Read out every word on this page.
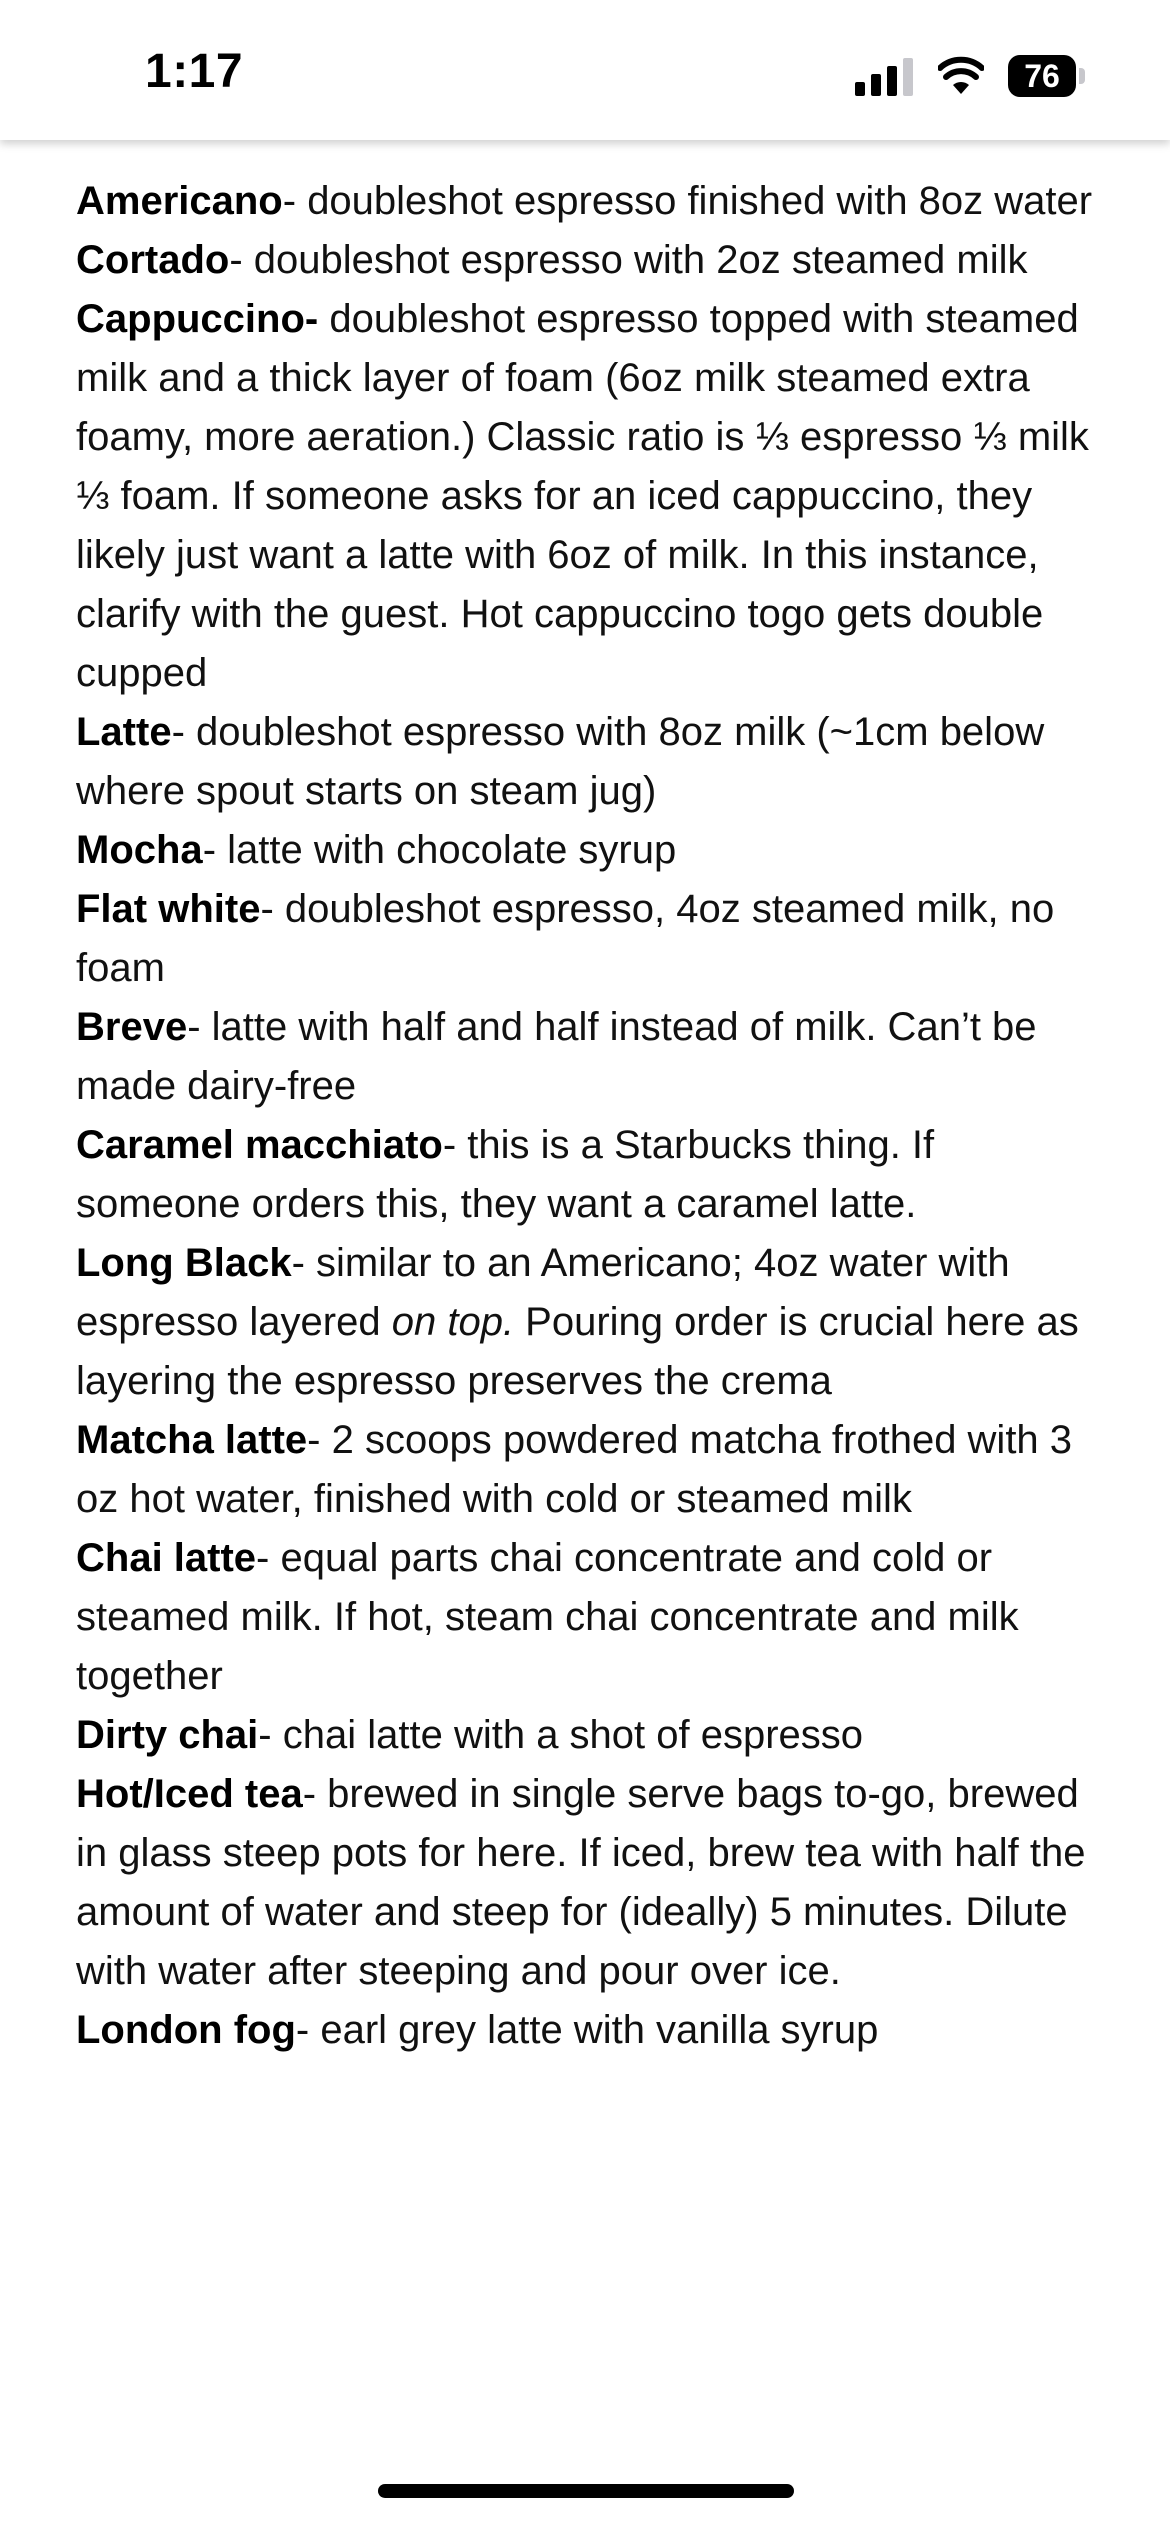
1:17	76

Americano- doubleshot espresso finished with 8oz water

Cortado- doubleshot espresso with 2oz steamed milk

Cappuccino- doubleshot espresso topped with steamed milk and a thick layer of foam (6oz milk steamed extra foamy, more aeration.) Classic ratio is ⅓ espresso ⅓ milk ⅓ foam. If someone asks for an iced cappuccino, they likely just want a latte with 6oz of milk. In this instance, clarify with the guest. Hot cappuccino togo gets double cupped

Latte- doubleshot espresso with 8oz milk (~1cm below where spout starts on steam jug)

Mocha- latte with chocolate syrup

Flat white- doubleshot espresso, 4oz steamed milk, no foam

Breve- latte with half and half instead of milk. Can’t be made dairy-free

Caramel macchiato- this is a Starbucks thing. If someone orders this, they want a caramel latte.

Long Black- similar to an Americano; 4oz water with espresso layered on top. Pouring order is crucial here as layering the espresso preserves the crema

Matcha latte- 2 scoops powdered matcha frothed with 3 oz hot water, finished with cold or steamed milk

Chai latte- equal parts chai concentrate and cold or steamed milk. If hot, steam chai concentrate and milk together

Dirty chai- chai latte with a shot of espresso

Hot/Iced tea- brewed in single serve bags to-go, brewed in glass steep pots for here. If iced, brew tea with half the amount of water and steep for (ideally) 5 minutes. Dilute with water after steeping and pour over ice.

London fog- earl grey latte with vanilla syrup
